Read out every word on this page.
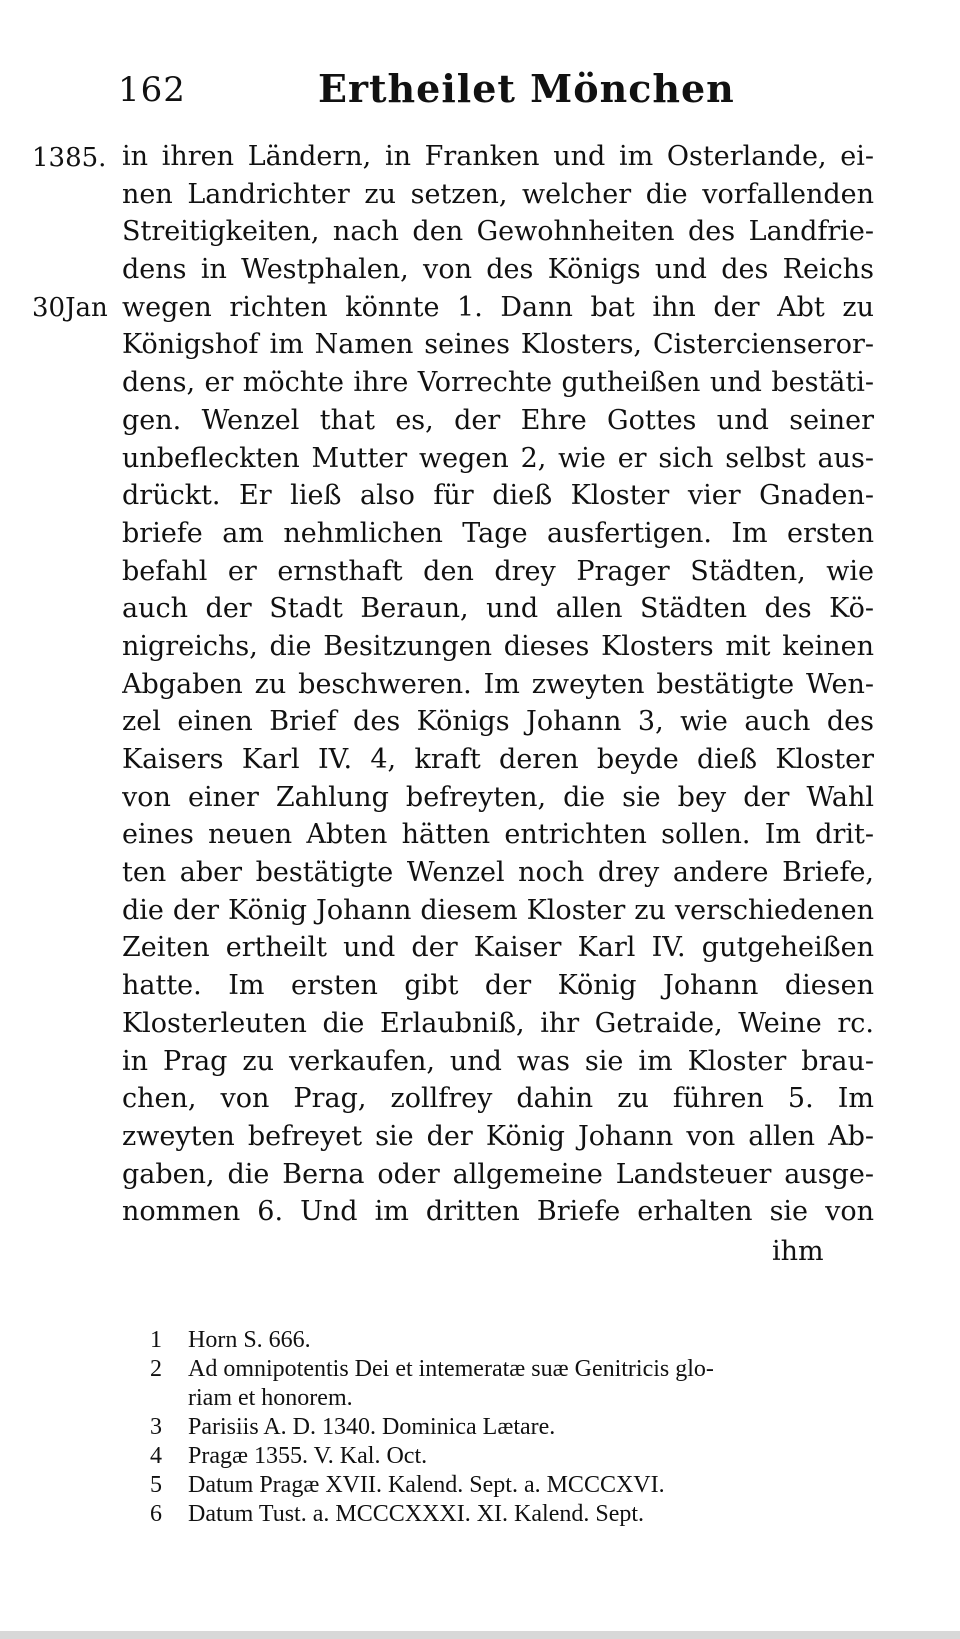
162	Ertheilet Mönchen
1385.
30Jan
in ihren Ländern, in Franken und im Osterlande, ei-
nen Landrichter zu setzen, welcher die vorfallenden
Streitigkeiten, nach den Gewohnheiten des Landfrie-
dens in Westphalen, von des Königs und des Reichs
wegen richten könnte 1. Dann bat ihn der Abt zu
Königshof im Namen seines Klosters, Cistercienseror-
dens, er möchte ihre Vorrechte gutheißen und bestäti-
gen. Wenzel that es, der Ehre Gottes und seiner
unbefleckten Mutter wegen 2, wie er sich selbst aus-
drückt. Er ließ also für dieß Kloster vier Gnaden-
briefe am nehmlichen Tage ausfertigen. Im ersten
befahl er ernsthaft den drey Prager Städten, wie
auch der Stadt Beraun, und allen Städten des Kö-
nigreichs, die Besitzungen dieses Klosters mit keinen
Abgaben zu beschweren. Im zweyten bestätigte Wen-
zel einen Brief des Königs Johann 3, wie auch des
Kaisers Karl IV. 4, kraft deren beyde dieß Kloster
von einer Zahlung befreyten, die sie bey der Wahl
eines neuen Abten hätten entrichten sollen. Im drit-
ten aber bestätigte Wenzel noch drey andere Briefe,
die der König Johann diesem Kloster zu verschiedenen
Zeiten ertheilt und der Kaiser Karl IV. gutgeheißen
hatte. Im ersten gibt der König Johann diesen
Klosterleuten die Erlaubniß, ihr Getraide, Weine rc.
in Prag zu verkaufen, und was sie im Kloster brau-
chen, von Prag, zollfrey dahin zu führen 5. Im
zweyten befreyet sie der König Johann von allen Ab-
gaben, die Berna oder allgemeine Landsteuer ausge-
nommen 6. Und im dritten Briefe erhalten sie von
ihm
1 Horn S. 666.
2 Ad omnipotentis Dei et intemeratæ suæ Genitricis glo-
riam et honorem.
3 Parisiis A. D. 1340. Dominica Lætare.
4 Pragæ 1355. V. Kal. Oct.
5 Datum Pragæ XVII. Kalend. Sept. a. MCCCXVI.
6 Datum Tust. a. MCCCXXXI. XI. Kalend. Sept.
